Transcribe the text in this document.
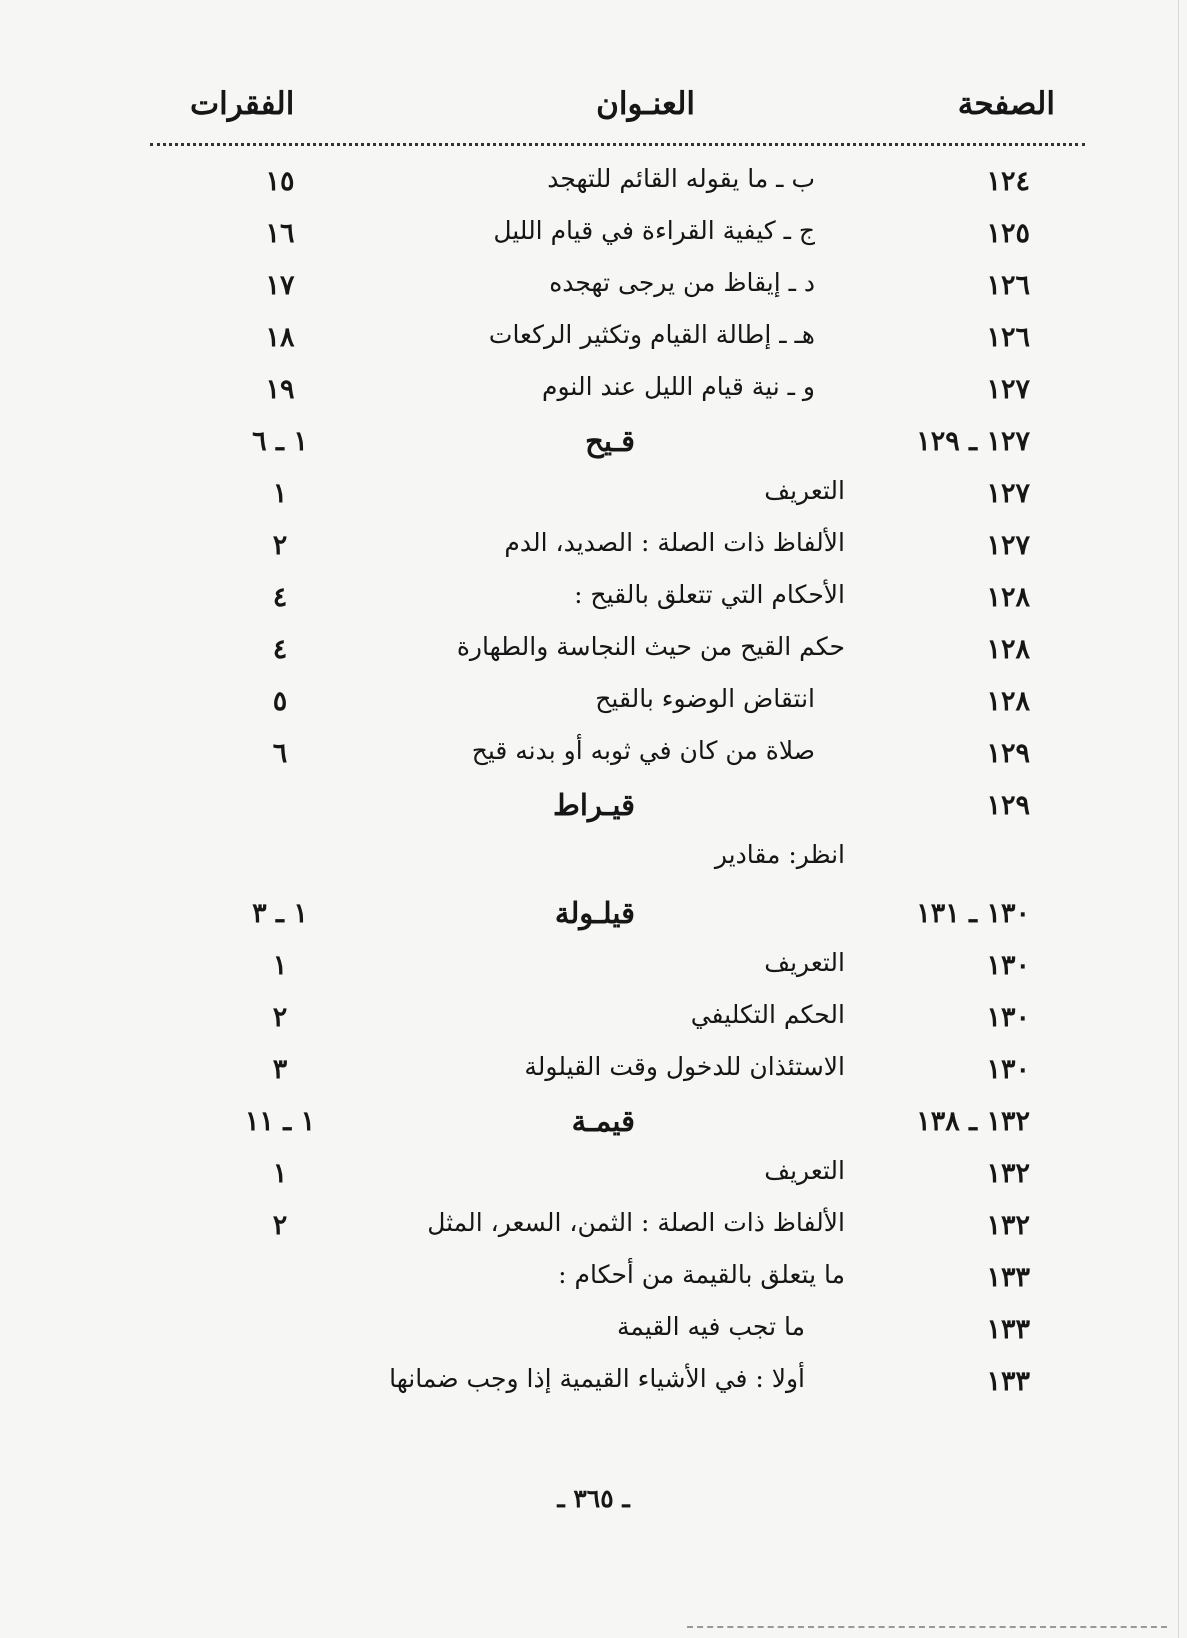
الصفحة
العنـوان
الفقرات
١٢٤
ب ـ ما يقوله القائم للتهجد
١٥
١٢٥
ج ـ كيفية القراءة في قيام الليل
١٦
١٢٦
د ـ إيقاظ من يرجى تهجده
١٧
١٢٦
هـ ـ إطالة القيام وتكثير الركعات
١٨
١٢٧
و ـ نية قيام الليل عند النوم
١٩
١٢٧ ـ ١٢٩
قـيح
١ ـ ٦
١٢٧
التعريف
١
١٢٧
الألفاظ ذات الصلة : الصديد، الدم
٢
١٢٨
الأحكام التي تتعلق بالقيح :
٤
١٢٨
حكم القيح من حيث النجاسة والطهارة
٤
١٢٨
انتقاض الوضوء بالقيح
٥
١٢٩
صلاة من كان في ثوبه أو بدنه قيح
٦
١٢٩
قيـراط
انظر: مقادير
١٣٠ ـ ١٣١
قيلـولة
١ ـ ٣
١٣٠
التعريف
١
١٣٠
الحكم التكليفي
٢
١٣٠
الاستئذان للدخول وقت القيلولة
٣
١٣٢ ـ ١٣٨
قيمـة
١ ـ ١١
١٣٢
التعريف
١
١٣٢
الألفاظ ذات الصلة : الثمن، السعر، المثل
٢
١٣٣
ما يتعلق بالقيمة من أحكام :
١٣٣
ما تجب فيه القيمة
١٣٣
أولا : في الأشياء القيمية إذا وجب ضمانها
ـ ٣٦٥ ـ
